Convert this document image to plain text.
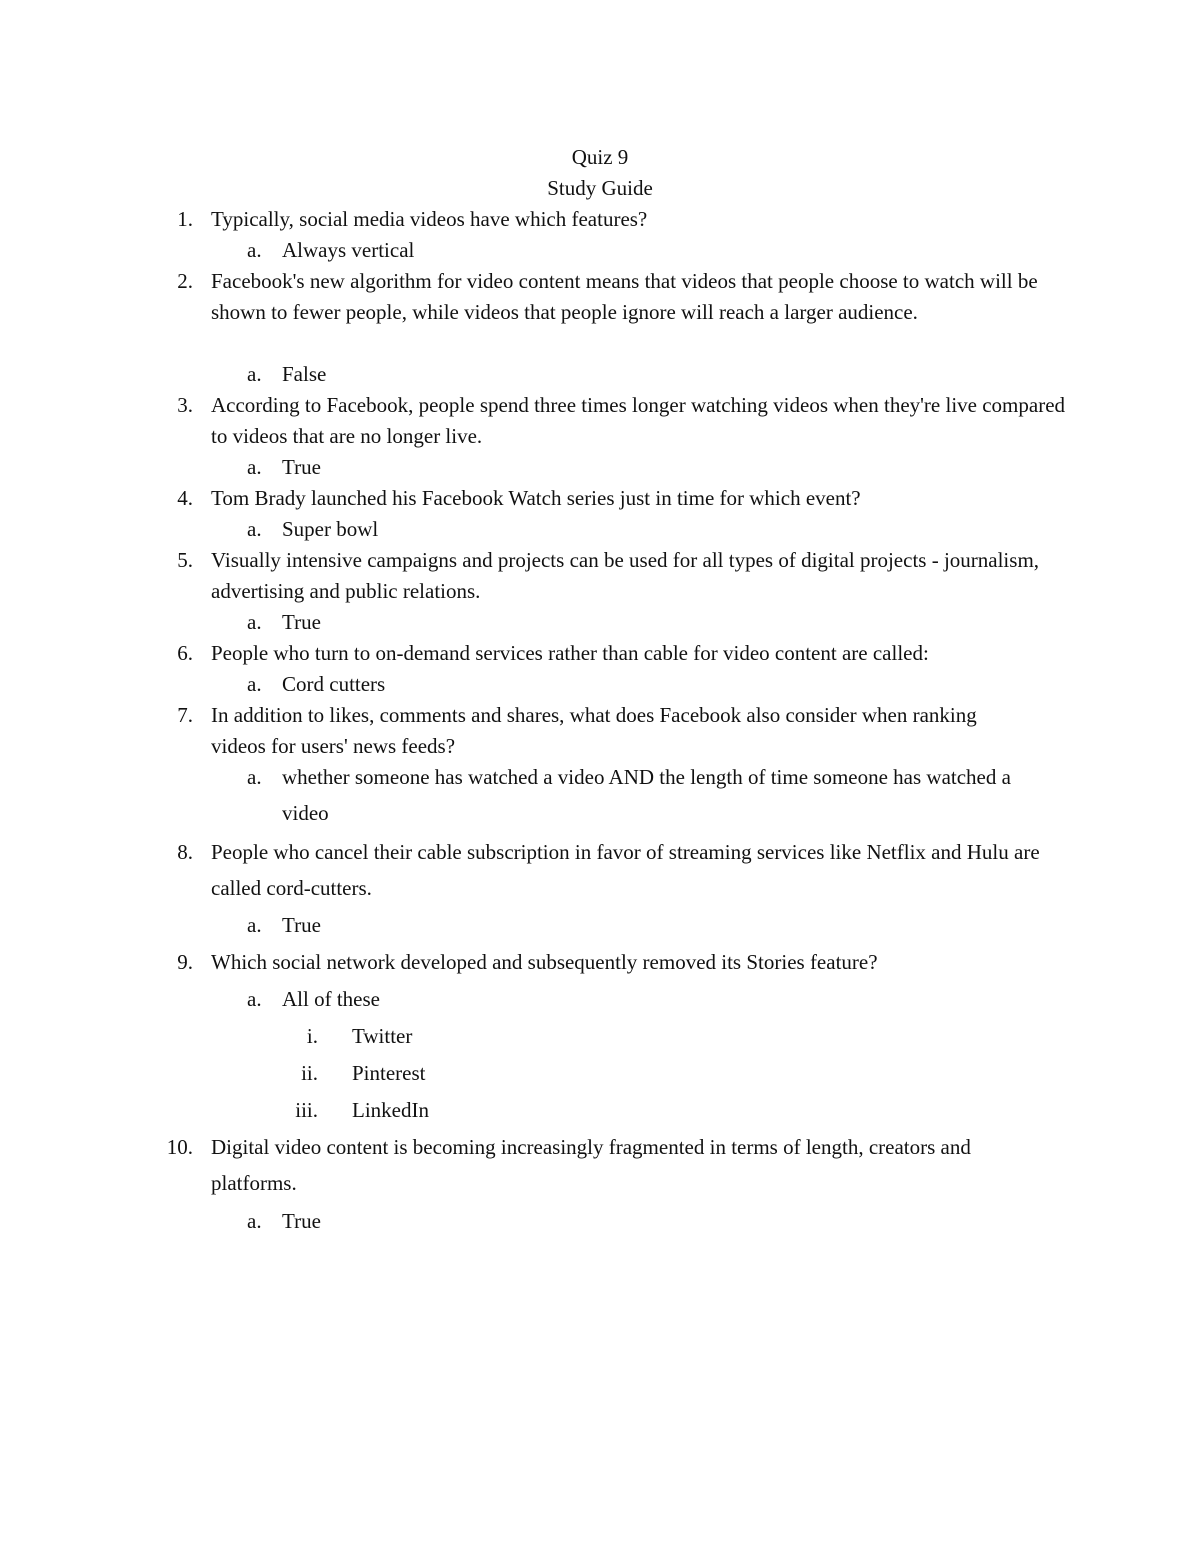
Quiz 9
Study Guide
1. Typically, social media videos have which features?
a. Always vertical
2. Facebook's new algorithm for video content means that videos that people choose to watch will be shown to fewer people, while videos that people ignore will reach a larger audience.
a. False
3. According to Facebook, people spend three times longer watching videos when they're live compared to videos that are no longer live.
a. True
4. Tom Brady launched his Facebook Watch series just in time for which event?
a. Super bowl
5. Visually intensive campaigns and projects can be used for all types of digital projects - journalism, advertising and public relations.
a. True
6. People who turn to on-demand services rather than cable for video content are called:
a. Cord cutters
7. In addition to likes, comments and shares, what does Facebook also consider when ranking videos for users' news feeds?
a. whether someone has watched a video AND the length of time someone has watched a video
8. People who cancel their cable subscription in favor of streaming services like Netflix and Hulu are called cord-cutters.
a. True
9. Which social network developed and subsequently removed its Stories feature?
a. All of these
i. Twitter
ii. Pinterest
iii. LinkedIn
10. Digital video content is becoming increasingly fragmented in terms of length, creators and platforms.
a. True
